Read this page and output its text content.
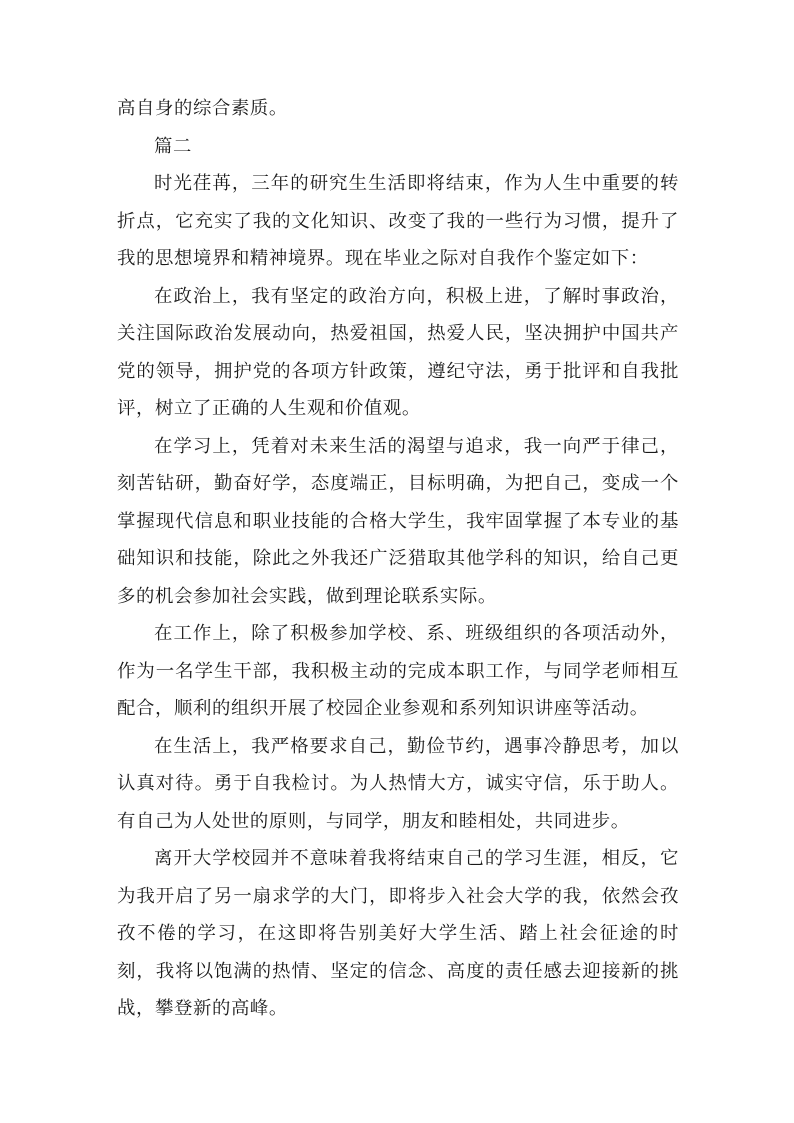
高自身的综合素质。

篇二

时光荏苒，三年的研究生生活即将结束，作为人生中重要的转折点，它充实了我的文化知识、改变了我的一些行为习惯，提升了我的思想境界和精神境界。现在毕业之际对自我作个鉴定如下：

在政治上，我有坚定的政治方向，积极上进，了解时事政治，关注国际政治发展动向，热爱祖国，热爱人民，坚决拥护中国共产党的领导，拥护党的各项方针政策，遵纪守法，勇于批评和自我批评，树立了正确的人生观和价值观。

在学习上，凭着对未来生活的渴望与追求，我一向严于律己，刻苦钻研，勤奋好学，态度端正，目标明确，为把自己，变成一个掌握现代信息和职业技能的合格大学生，我牢固掌握了本专业的基础知识和技能，除此之外我还广泛猎取其他学科的知识，给自己更多的机会参加社会实践，做到理论联系实际。

在工作上，除了积极参加学校、系、班级组织的各项活动外，作为一名学生干部，我积极主动的完成本职工作，与同学老师相互配合，顺利的组织开展了校园企业参观和系列知识讲座等活动。

在生活上，我严格要求自己，勤俭节约，遇事冷静思考，加以认真对待。勇于自我检讨。为人热情大方，诚实守信，乐于助人。有自己为人处世的原则，与同学，朋友和睦相处，共同进步。

离开大学校园并不意味着我将结束自己的学习生涯，相反，它为我开启了另一扇求学的大门，即将步入社会大学的我，依然会孜孜不倦的学习，在这即将告别美好大学生活、踏上社会征途的时刻，我将以饱满的热情、坚定的信念、高度的责任感去迎接新的挑战，攀登新的高峰。
